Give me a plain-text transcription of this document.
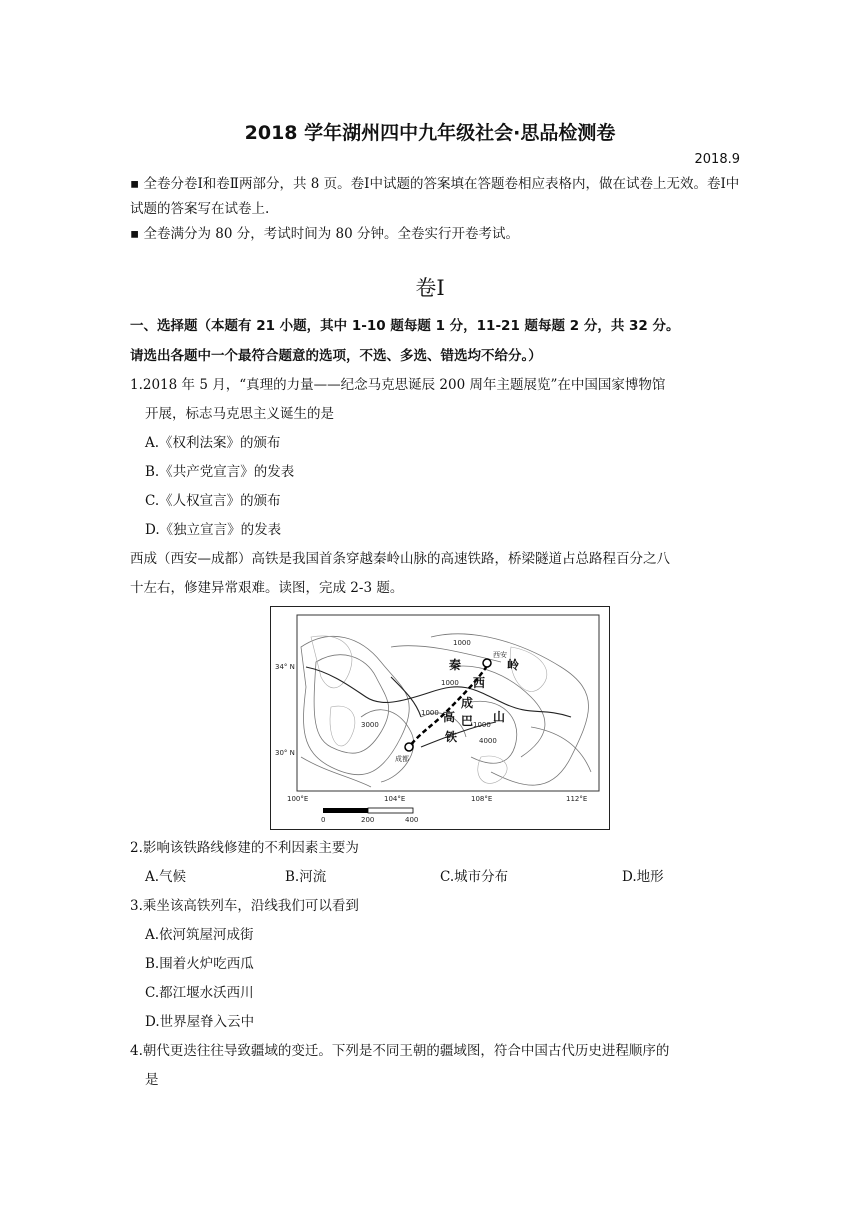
2018 学年湖州四中九年级社会·思品检测卷
2018.9

▪ 全卷分卷Ⅰ和卷Ⅱ两部分，共 8 页。卷Ⅰ中试题的答案填在答题卷相应表格内，做在试卷上无效。卷Ⅰ中试题的答案写在试卷上.

▪ 全卷满分为 80 分，考试时间为 80 分钟。全卷实行开卷考试。

卷Ⅰ
一、选择题（本题有 21 小题，其中 1-10 题每题 1 分，11-21 题每题 2 分，共 32 分。
请选出各题中一个最符合题意的选项，不选、多选、错选均不给分。）
1.2018 年 5 月，“真理的力量——纪念马克思诞辰 200 周年主题展览”在中国国家博物馆
开展，标志马克思主义诞生的是
A.《权利法案》的颁布
B.《共产党宣言》的发表
C.《人权宣言》的颁布
D.《独立宣言》的发表
西成（西安—成都）高铁是我国首条穿越秦岭山脉的高速铁路，桥梁隧道占总路程百分之八
十左右，修建异常艰难。读图，完成 2-3 题。
34° N
30° N
100°E	104°E	108°E	112°E
1000
1000
1000
1000
3000
4000
西安
成都
秦	岭
西
成
巴 山
高
铁
0	200	400
2.影响该铁路线修建的不利因素主要为
A.气候	B.河流	C.城市分布	D.地形
3.乘坐该高铁列车，沿线我们可以看到
A.依河筑屋河成街
B.围着火炉吃西瓜
C.都江堰水沃西川
D.世界屋脊入云中
4.朝代更迭往往导致疆域的变迁。下列是不同王朝的疆域图，符合中国古代历史进程顺序的
是
